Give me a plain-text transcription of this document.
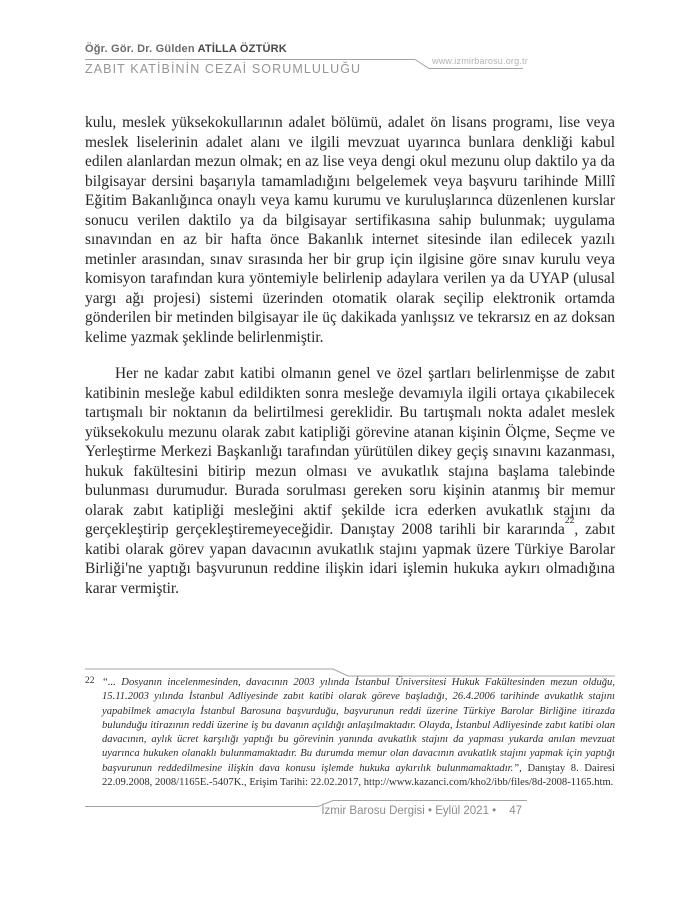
Öğr. Gör. Dr. Gülden ATİLLA ÖZTÜRK
www.izmirbarosu.org.tr
ZABIT KATİBİNİN CEZAİ SORUMLULUĞU

kulu, meslek yüksekokullarının adalet bölümü, adalet ön lisans programı, lise veya meslek liselerinin adalet alanı ve ilgili mevzuat uyarınca bunlara denkliği kabul edilen alanlardan mezun olmak; en az lise veya dengi okul mezunu olup daktilo ya da bilgisayar dersini başarıyla tamamladığını belgelemek veya başvuru tarihinde Millî Eğitim Bakanlığınca onaylı veya kamu kurumu ve kuruluşlarınca düzenlenen kurslar sonucu verilen daktilo ya da bilgisayar sertifikasına sahip bulunmak; uygulama sınavından en az bir hafta önce Bakanlık internet sitesinde ilan edilecek yazılı metinler arasından, sınav sırasında her bir grup için ilgisine göre sınav kurulu veya komisyon tarafından kura yöntemiyle belirlenip adaylara verilen ya da UYAP (ulusal yargı ağı projesi) sistemi üzerinden otomatik olarak seçilip elektronik ortamda gönderilen bir metinden bilgisayar ile üç dakikada yanlışsız ve tekrarsız en az doksan kelime yazmak şeklinde belirlenmiştir.

Her ne kadar zabıt katibi olmanın genel ve özel şartları belirlenmişse de zabıt katibinin mesleğe kabul edildikten sonra mesleğe devamıyla ilgili ortaya çıkabilecek tartışmalı bir noktanın da belirtilmesi gereklidir. Bu tartışmalı nokta adalet meslek yüksekokulu mezunu olarak zabıt katipliği görevine atanan kişinin Ölçme, Seçme ve Yerleştirme Merkezi Başkanlığı tarafından yürütülen dikey geçiş sınavını kazanması, hukuk fakültesini bitirip mezun olması ve avukatlık stajına başlama talebinde bulunması durumudur. Burada sorulması gereken soru kişinin atanmış bir memur olarak zabıt katipliği mesleğini aktif şekilde icra ederken avukatlık stajını da gerçekleştirip gerçekleştiremeyeceğidir. Danıştay 2008 tarihli bir kararında$^{22}$, zabıt katibi olarak görev yapan davacının avukatlık stajını yapmak üzere Türkiye Barolar Birliği'ne yaptığı başvurunun reddine ilişkin idari işlemin hukuka aykırı olmadığına karar vermiştir.

22 “... Dosyanın incelenmesinden, davacının 2003 yılında İstanbul Üniversitesi Hukuk Fakültesinden mezun olduğu, 15.11.2003 yılında İstanbul Adliyesinde zabıt katibi olarak göreve başladığı, 26.4.2006 tarihinde avukatlık stajını yapabilmek amacıyla İstanbul Barosuna başvurduğu, başvurunun reddi üzerine Türkiye Barolar Birliğine itirazda bulunduğu itirazının reddi üzerine iş bu davanın açıldığı anlaşılmaktadır. Olayda, İstanbul Adliyesinde zabıt katibi olan davacının, aylık ücret karşılığı yaptığı bu görevinin yanında avukatlık stajını da yapması yukarda anılan mevzuat uyarınca hukuken olanaklı bulunmamaktadır. Bu durumda memur olan davacının avukatlık stajını yapmak için yaptığı başvurunun reddedilmesine ilişkin dava konusu işlemde hukuka aykırılık bulunmamaktadır.”, Danıştay 8. Dairesi 22.09.2008, 2008/1165E.-5407K., Erişim Tarihi: 22.02.2017, http://www.kazanci.com/kho2/ibb/files/8d-2008-1165.htm.

İzmir Barosu Dergisi • Eylül 2021 • 47
